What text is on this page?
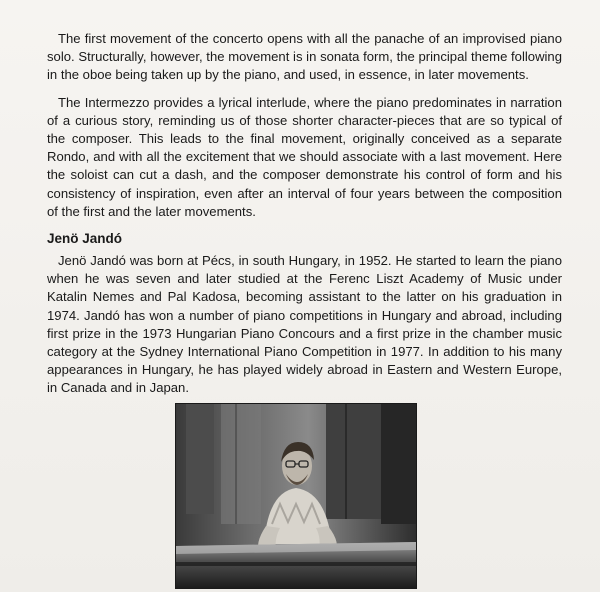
The first movement of the concerto opens with all the panache of an improvised piano solo. Structurally, however, the movement is in sonata form, the principal theme following in the oboe being taken up by the piano, and used, in essence, in later movements.

The Intermezzo provides a lyrical interlude, where the piano predominates in narration of a curious story, reminding us of those shorter character-pieces that are so typical of the composer. This leads to the final movement, originally conceived as a separate Rondo, and with all the excitement that we should associate with a last movement. Here the soloist can cut a dash, and the composer demonstrate his control of form and his consistency of inspiration, even after an interval of four years between the composition of the first and the later movements.

Jenö Jandó

Jenö Jandó was born at Pécs, in south Hungary, in 1952. He started to learn the piano when he was seven and later studied at the Ferenc Liszt Academy of Music under Katalin Nemes and Pal Kadosa, becoming assistant to the latter on his graduation in 1974. Jandó has won a number of piano competitions in Hungary and abroad, including first prize in the 1973 Hungarian Piano Concours and a first prize in the chamber music category at the Sydney International Piano Competition in 1977. In addition to his many appearances in Hungary, he has played widely abroad in Eastern and Western Europe, in Canada and in Japan.
